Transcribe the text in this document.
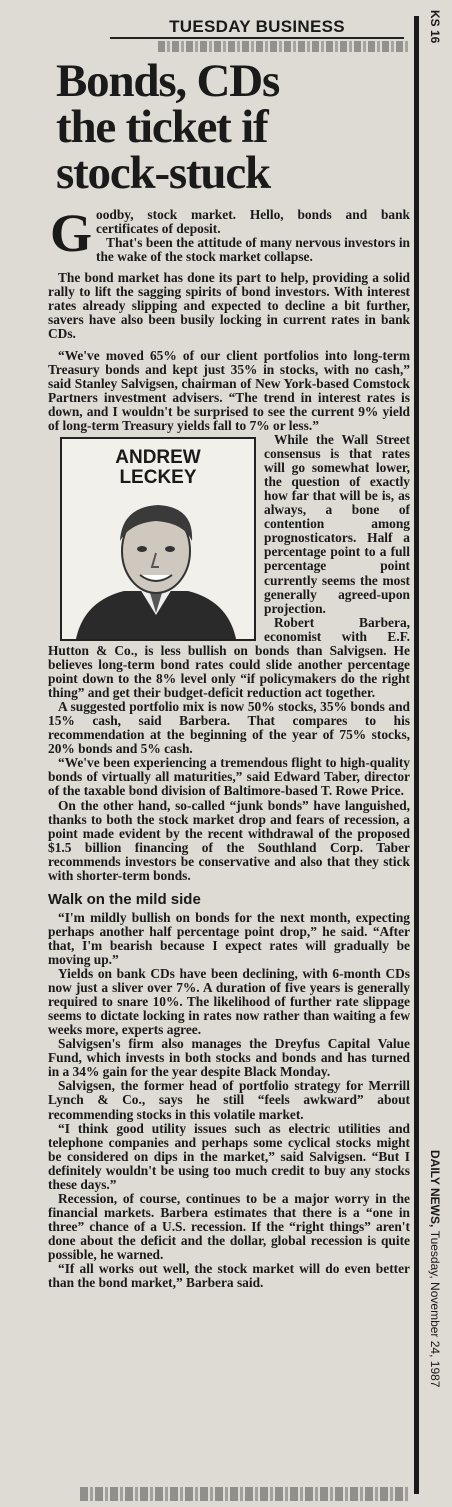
KS 16
TUESDAY BUSINESS
Bonds, CDs
the ticket if
stock-stuck

Goodby, stock market. Hello, bonds and bank certificates of deposit.

That's been the attitude of many nervous investors in the wake of the stock market collapse.

The bond market has done its part to help, providing a solid rally to lift the sagging spirits of bond investors. With interest rates already slipping and expected to decline a bit further, savers have also been busily locking in current rates in bank CDs.

“We've moved 65% of our client portfolios into long-term Treasury bonds and kept just 35% in stocks, with no cash,” said Stanley Salvigsen, chairman of New York-based Comstock Partners investment advisers. “The trend in interest rates is down, and I wouldn't be surprised to see the current 9% yield of long-term Treasury yields fall to 7% or less.”

ANDREW
LECKEY

While the Wall Street consensus is that rates will go somewhat lower, the question of exactly how far that will be is, as always, a bone of contention among prognosticators. Half a percentage point to a full percentage point currently seems the most generally agreed-upon projection.

Robert Barbera, economist with E.F. Hutton & Co., is less bullish on bonds than Salvigsen. He believes long-term bond rates could slide another percentage point down to the 8% level only “if policymakers do the right thing” and get their budget-deficit reduction act together.

A suggested portfolio mix is now 50% stocks, 35% bonds and 15% cash, said Barbera. That compares to his recommendation at the beginning of the year of 75% stocks, 20% bonds and 5% cash.

“We've been experiencing a tremendous flight to high-quality bonds of virtually all maturities,” said Edward Taber, director of the taxable bond division of Baltimore-based T. Rowe Price.

On the other hand, so-called “junk bonds” have languished, thanks to both the stock market drop and fears of recession, a point made evident by the recent withdrawal of the proposed $1.5 billion financing of the Southland Corp. Taber recommends investors be conservative and also that they stick with shorter-term bonds.

Walk on the mild side

“I'm mildly bullish on bonds for the next month, expecting perhaps another half percentage point drop,” he said. “After that, I'm bearish because I expect rates will gradually be moving up.”

Yields on bank CDs have been declining, with 6-month CDs now just a sliver over 7%. A duration of five years is generally required to snare 10%. The likelihood of further rate slippage seems to dictate locking in rates now rather than waiting a few weeks more, experts agree.

Salvigsen's firm also manages the Dreyfus Capital Value Fund, which invests in both stocks and bonds and has turned in a 34% gain for the year despite Black Monday.

Salvigsen, the former head of portfolio strategy for Merrill Lynch & Co., says he still “feels awkward” about recommending stocks in this volatile market.

“I think good utility issues such as electric utilities and telephone companies and perhaps some cyclical stocks might be considered on dips in the market,” said Salvigsen. “But I definitely wouldn't be using too much credit to buy any stocks these days.”

Recession, of course, continues to be a major worry in the financial markets. Barbera estimates that there is a “one in three” chance of a U.S. recession. If the “right things” aren't done about the deficit and the dollar, global recession is quite possible, he warned.

“If all works out well, the stock market will do even better than the bond market,” Barbera said.

DAILY NEWS, Tuesday, November 24, 1987
